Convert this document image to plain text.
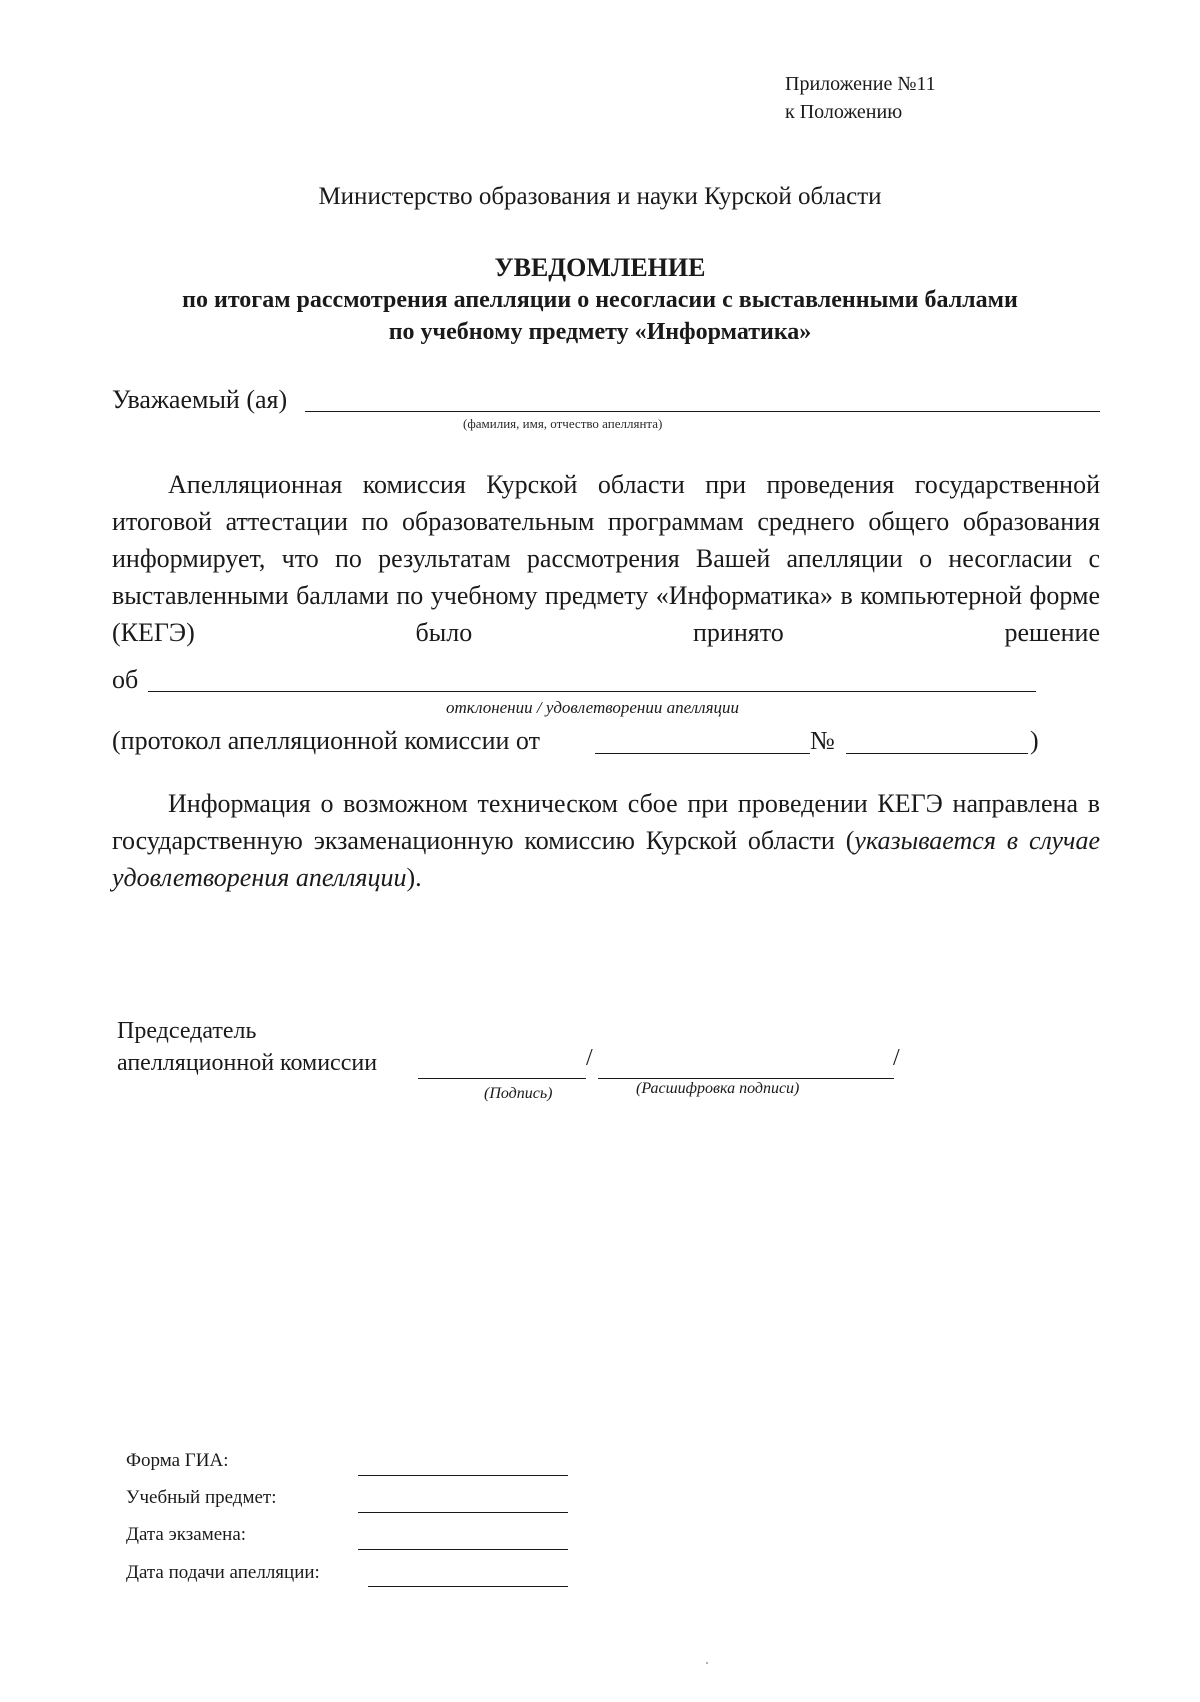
Приложение №11
к Положению
Министерство образования и науки Курской области
УВЕДОМЛЕНИЕ
по итогам рассмотрения апелляции о несогласии с выставленными баллами
по учебному предмету «Информатика»
Уважаемый (ая)
(фамилия, имя, отчество апеллянта)
Апелляционная комиссия Курской области при проведения государственной итоговой аттестации по образовательным программам среднего общего образования информирует, что по результатам рассмотрения Вашей апелляции о несогласии с выставленными баллами по учебному предмету «Информатика» в компьютерной форме (КЕГЭ) было принято решение
об
отклонении / удовлетворении апелляции
(протокол апелляционной комиссии от	№	)
Информация о возможном техническом сбое при проведении КЕГЭ направлена в государственную экзаменационную комиссию Курской области (указывается в случае удовлетворения апелляции).
Председатель
апелляционной комиссии	/	/
(Подпись)	(Расшифровка подписи)
Форма ГИА:
Учебный предмет:
Дата экзамена:
Дата подачи апелляции:
